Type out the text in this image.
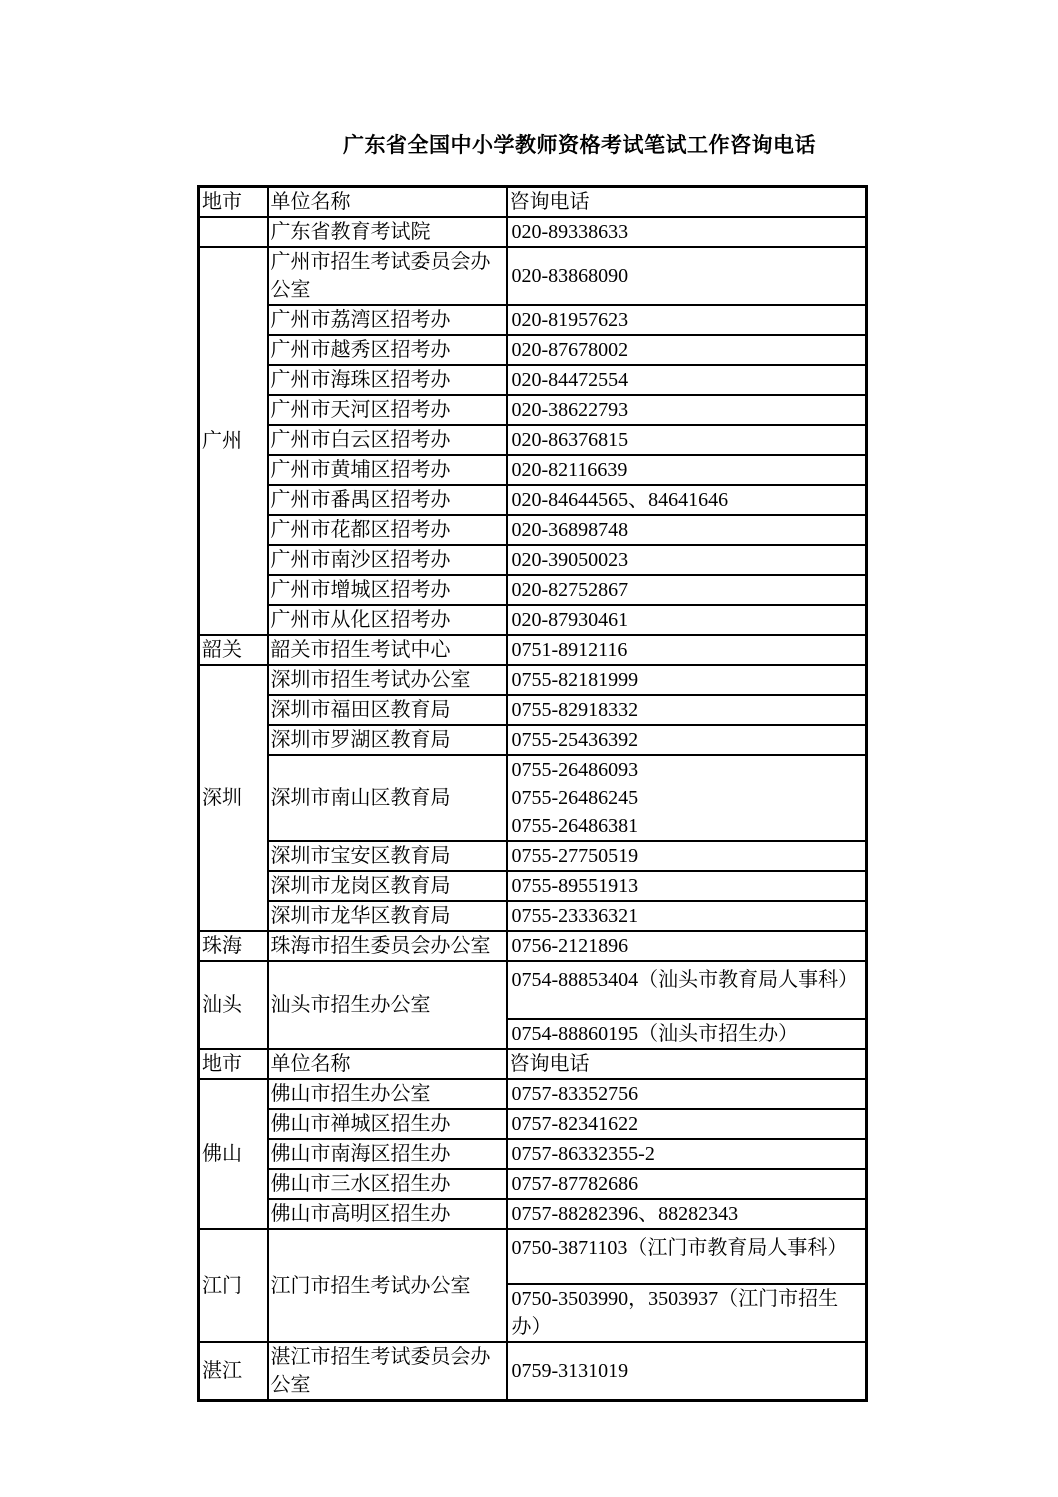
广东省全国中小学教师资格考试笔试工作咨询电话
地市	单位名称	咨询电话
	广东省教育考试院	020-89338633

广州	广州市招生考试委员会办公室	020-83868090

	广州市荔湾区招考办	020-81957623

	广州市越秀区招考办	020-87678002

	广州市海珠区招考办	020-84472554

	广州市天河区招考办	020-38622793

	广州市白云区招考办	020-86376815

	广州市黄埔区招考办	020-82116639

	广州市番禺区招考办	020-84644565、84641646

	广州市花都区招考办	020-36898748

	广州市南沙区招考办	020-39050023

	广州市增城区招考办	020-82752867

	广州市从化区招考办	020-87930461

韶关	韶关市招生考试中心	0751-8912116

深圳	深圳市招生考试办公室	0755-82181999

	深圳市福田区教育局	0755-82918332

	深圳市罗湖区教育局	0755-25436392

	深圳市南山区教育局	0755-26486093
0755-26486245
0755-26486381

	深圳市宝安区教育局	0755-27750519

	深圳市龙岗区教育局	0755-89551913

	深圳市龙华区教育局	0755-23336321

珠海	珠海市招生委员会办公室	0756-2121896

汕头	汕头市招生办公室	0754-88853404（汕头市教育局人事科）

		0754-88860195（汕头市招生办）

地市	单位名称	咨询电话
佛山	佛山市招生办公室	0757-83352756

	佛山市禅城区招生办	0757-82341622

	佛山市南海区招生办	0757-86332355-2

	佛山市三水区招生办	0757-87782686

	佛山市高明区招生办	0757-88282396、88282343

江门	江门市招生考试办公室	0750-3871103（江门市教育局人事科）

		0750-3503990，3503937（江门市招生办）

湛江	湛江市招生考试委员会办公室	0759-3131019
